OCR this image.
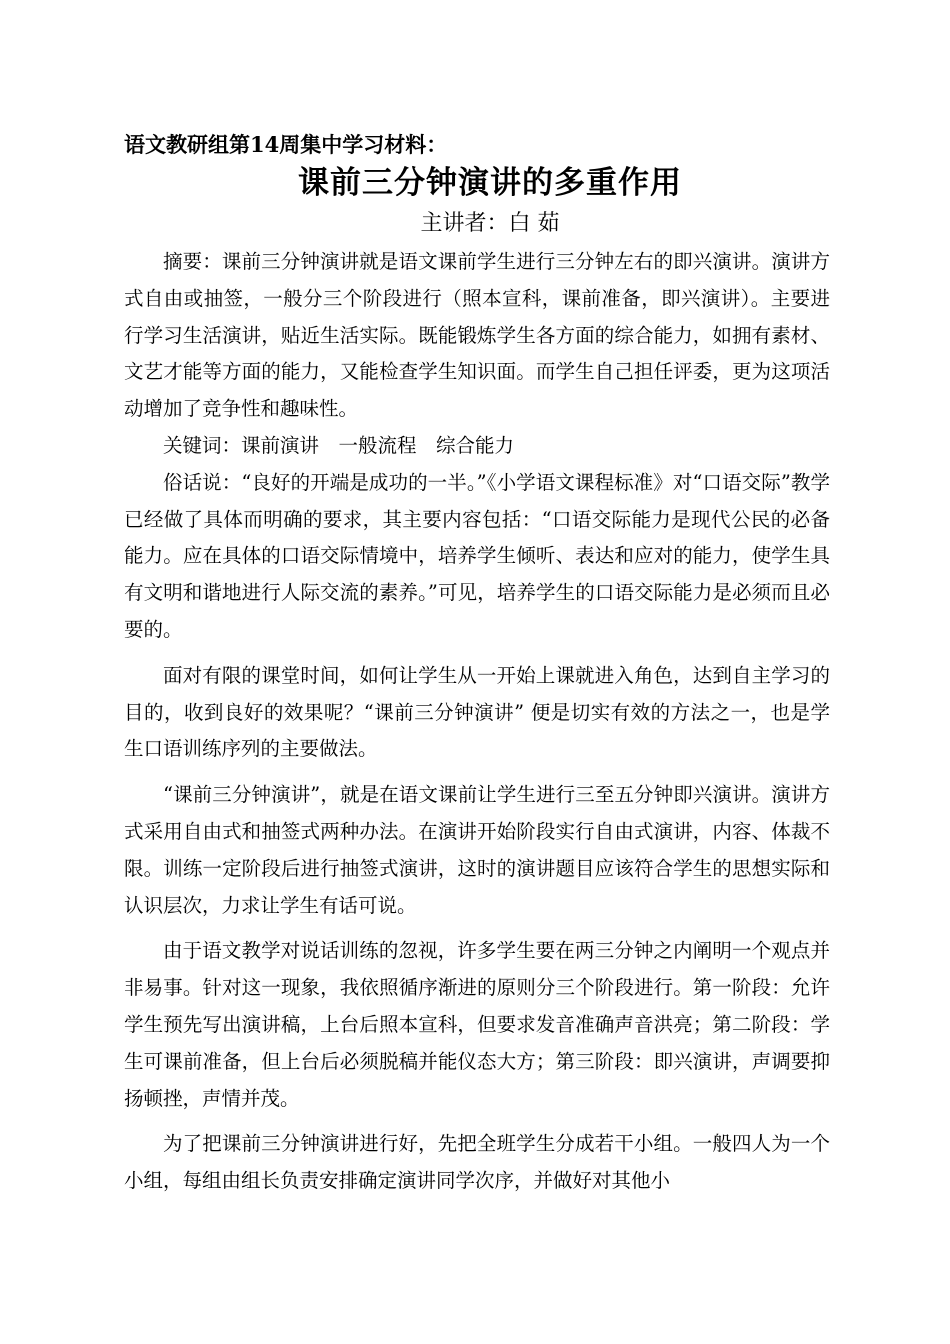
语文教研组第14周集中学习材料：
课前三分钟演讲的多重作用
主讲者：白 茹

摘要：课前三分钟演讲就是语文课前学生进行三分钟左右的即兴演讲。演讲方式自由或抽签，一般分三个阶段进行（照本宣科，课前准备，即兴演讲）。主要进行学习生活演讲，贴近生活实际。既能锻炼学生各方面的综合能力，如拥有素材、文艺才能等方面的能力，又能检查学生知识面。而学生自己担任评委，更为这项活动增加了竞争性和趣味性。

关键词：课前演讲　一般流程　综合能力

俗话说：“良好的开端是成功的一半。”《小学语文课程标准》对“口语交际”教学已经做了具体而明确的要求，其主要内容包括：“口语交际能力是现代公民的必备能力。应在具体的口语交际情境中，培养学生倾听、表达和应对的能力，使学生具有文明和谐地进行人际交流的素养。”可见，培养学生的口语交际能力是必须而且必要的。

面对有限的课堂时间，如何让学生从一开始上课就进入角色，达到自主学习的目的，收到良好的效果呢？“课前三分钟演讲” 便是切实有效的方法之一，也是学生口语训练序列的主要做法。

“课前三分钟演讲”，就是在语文课前让学生进行三至五分钟即兴演讲。演讲方式采用自由式和抽签式两种办法。在演讲开始阶段实行自由式演讲，内容、体裁不限。训练一定阶段后进行抽签式演讲，这时的演讲题目应该符合学生的思想实际和认识层次，力求让学生有话可说。

由于语文教学对说话训练的忽视，许多学生要在两三分钟之内阐明一个观点并非易事。针对这一现象，我依照循序渐进的原则分三个阶段进行。第一阶段：允许学生预先写出演讲稿，上台后照本宣科，但要求发音准确声音洪亮；第二阶段：学生可课前准备，但上台后必须脱稿并能仪态大方；第三阶段：即兴演讲，声调要抑扬顿挫，声情并茂。

为了把课前三分钟演讲进行好，先把全班学生分成若干小组。一般四人为一个小组，每组由组长负责安排确定演讲同学次序，并做好对其他小
